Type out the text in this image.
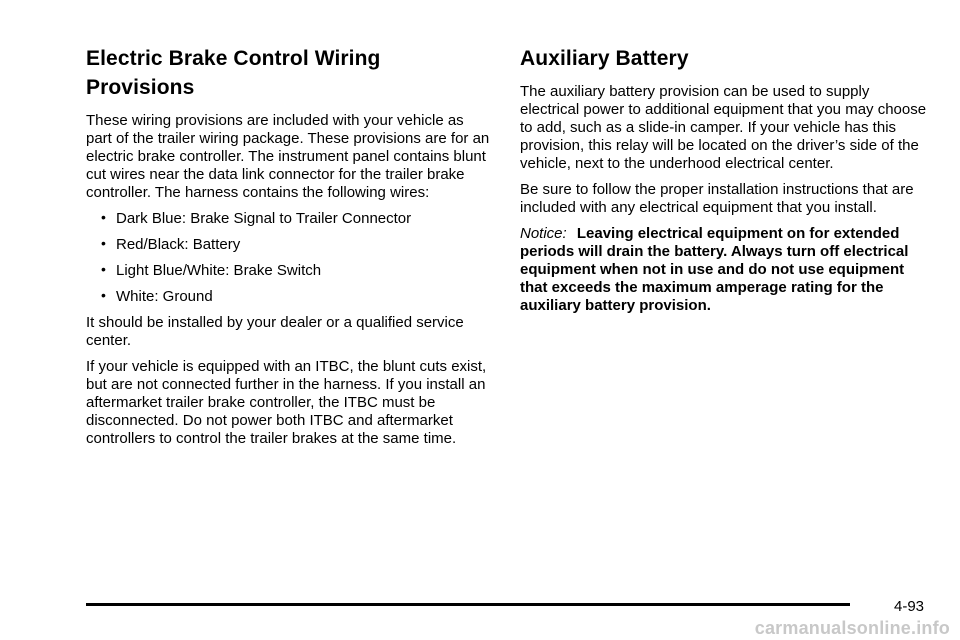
Electric Brake Control Wiring
Provisions

These wiring provisions are included with your vehicle as part of the trailer wiring package. These provisions are for an electric brake controller. The instrument panel contains blunt cut wires near the data link connector for the trailer brake controller. The harness contains the following wires:

• Dark Blue: Brake Signal to Trailer Connector
• Red/Black: Battery
• Light Blue/White: Brake Switch
• White: Ground

It should be installed by your dealer or a qualified service center.

If your vehicle is equipped with an ITBC, the blunt cuts exist, but are not connected further in the harness. If you install an aftermarket trailer brake controller, the ITBC must be disconnected. Do not power both ITBC and aftermarket controllers to control the trailer brakes at the same time.

Auxiliary Battery

The auxiliary battery provision can be used to supply electrical power to additional equipment that you may choose to add, such as a slide-in camper. If your vehicle has this provision, this relay will be located on the driver’s side of the vehicle, next to the underhood electrical center.

Be sure to follow the proper installation instructions that are included with any electrical equipment that you install.

Notice: Leaving electrical equipment on for extended periods will drain the battery. Always turn off electrical equipment when not in use and do not use equipment that exceeds the maximum amperage rating for the auxiliary battery provision.

4-93
carmanualsonline.info
